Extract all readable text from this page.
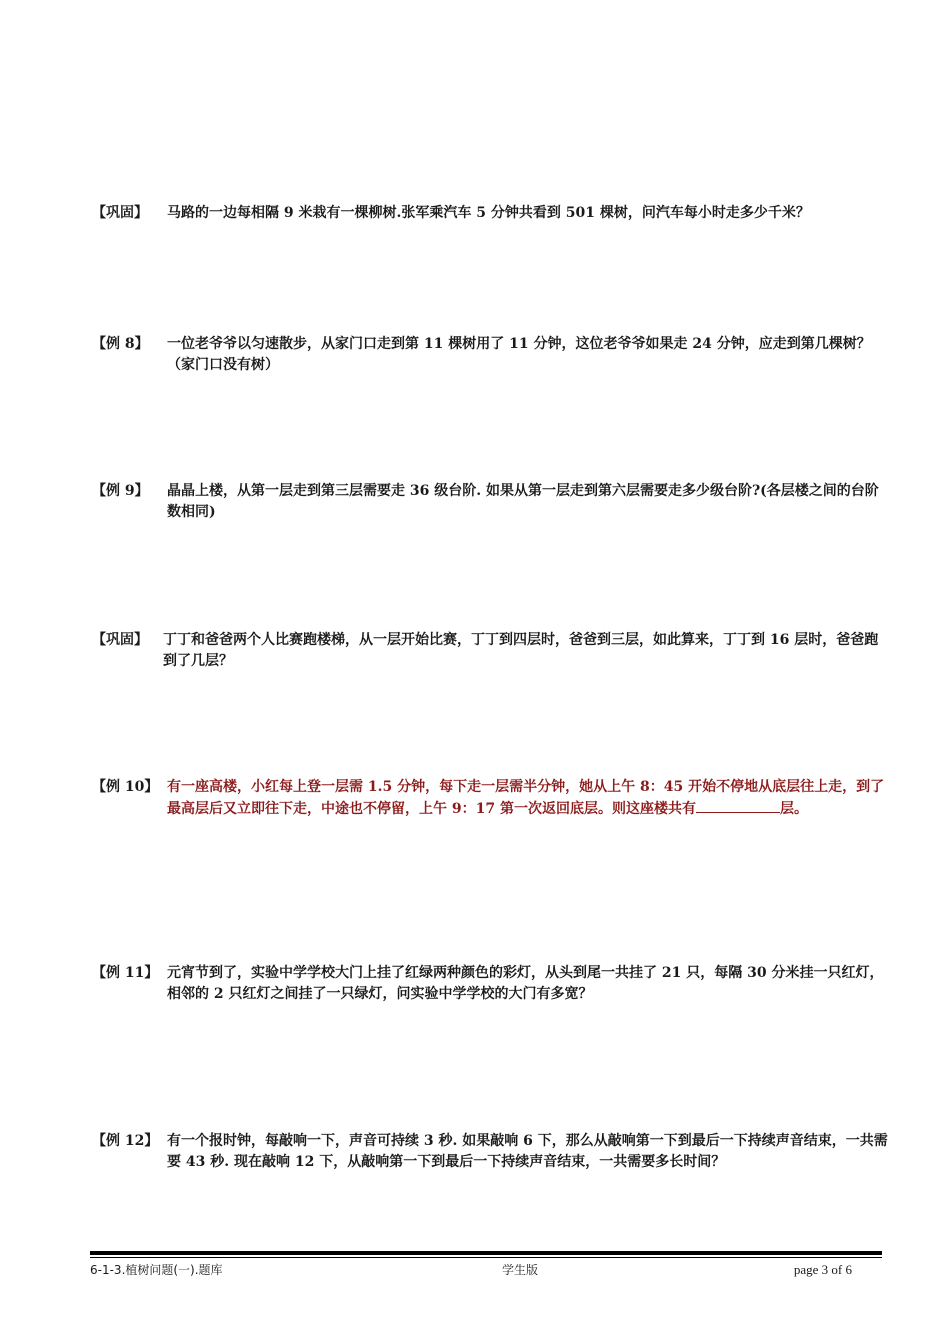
【巩固】 马路的一边每相隔 9 米栽有一棵柳树.张军乘汽车 5 分钟共看到 501 棵树，问汽车每小时走多少千米？
【例 8】 一位老爷爷以匀速散步，从家门口走到第 11 棵树用了 11 分钟，这位老爷爷如果走 24 分钟，应走到第几棵树？（家门口没有树）
【例 9】 晶晶上楼，从第一层走到第三层需要走 36 级台阶. 如果从第一层走到第六层需要走多少级台阶?(各层楼之间的台阶数相同)
【巩固】 丁丁和爸爸两个人比赛跑楼梯，从一层开始比赛，丁丁到四层时，爸爸到三层，如此算来，丁丁到 16 层时，爸爸跑到了几层？
【例 10】 有一座高楼，小红每上登一层需 1.5 分钟，每下走一层需半分钟，她从上午 8：45 开始不停地从底层往上走，到了最高层后又立即往下走，中途也不停留，上午 9：17 第一次返回底层。则这座楼共有	层。
【例 11】 元宵节到了，实验中学学校大门上挂了红绿两种颜色的彩灯，从头到尾一共挂了 21 只，每隔 30 分米挂一只红灯，相邻的 2 只红灯之间挂了一只绿灯，问实验中学学校的大门有多宽？
【例 12】 有一个报时钟，每敲响一下，声音可持续 3 秒. 如果敲响 6 下，那么从敲响第一下到最后一下持续声音结束，一共需要 43 秒. 现在敲响 12 下，从敲响第一下到最后一下持续声音结束，一共需要多长时间？
6-1-3.植树问题(一).题库	学生版	page 3 of 6
